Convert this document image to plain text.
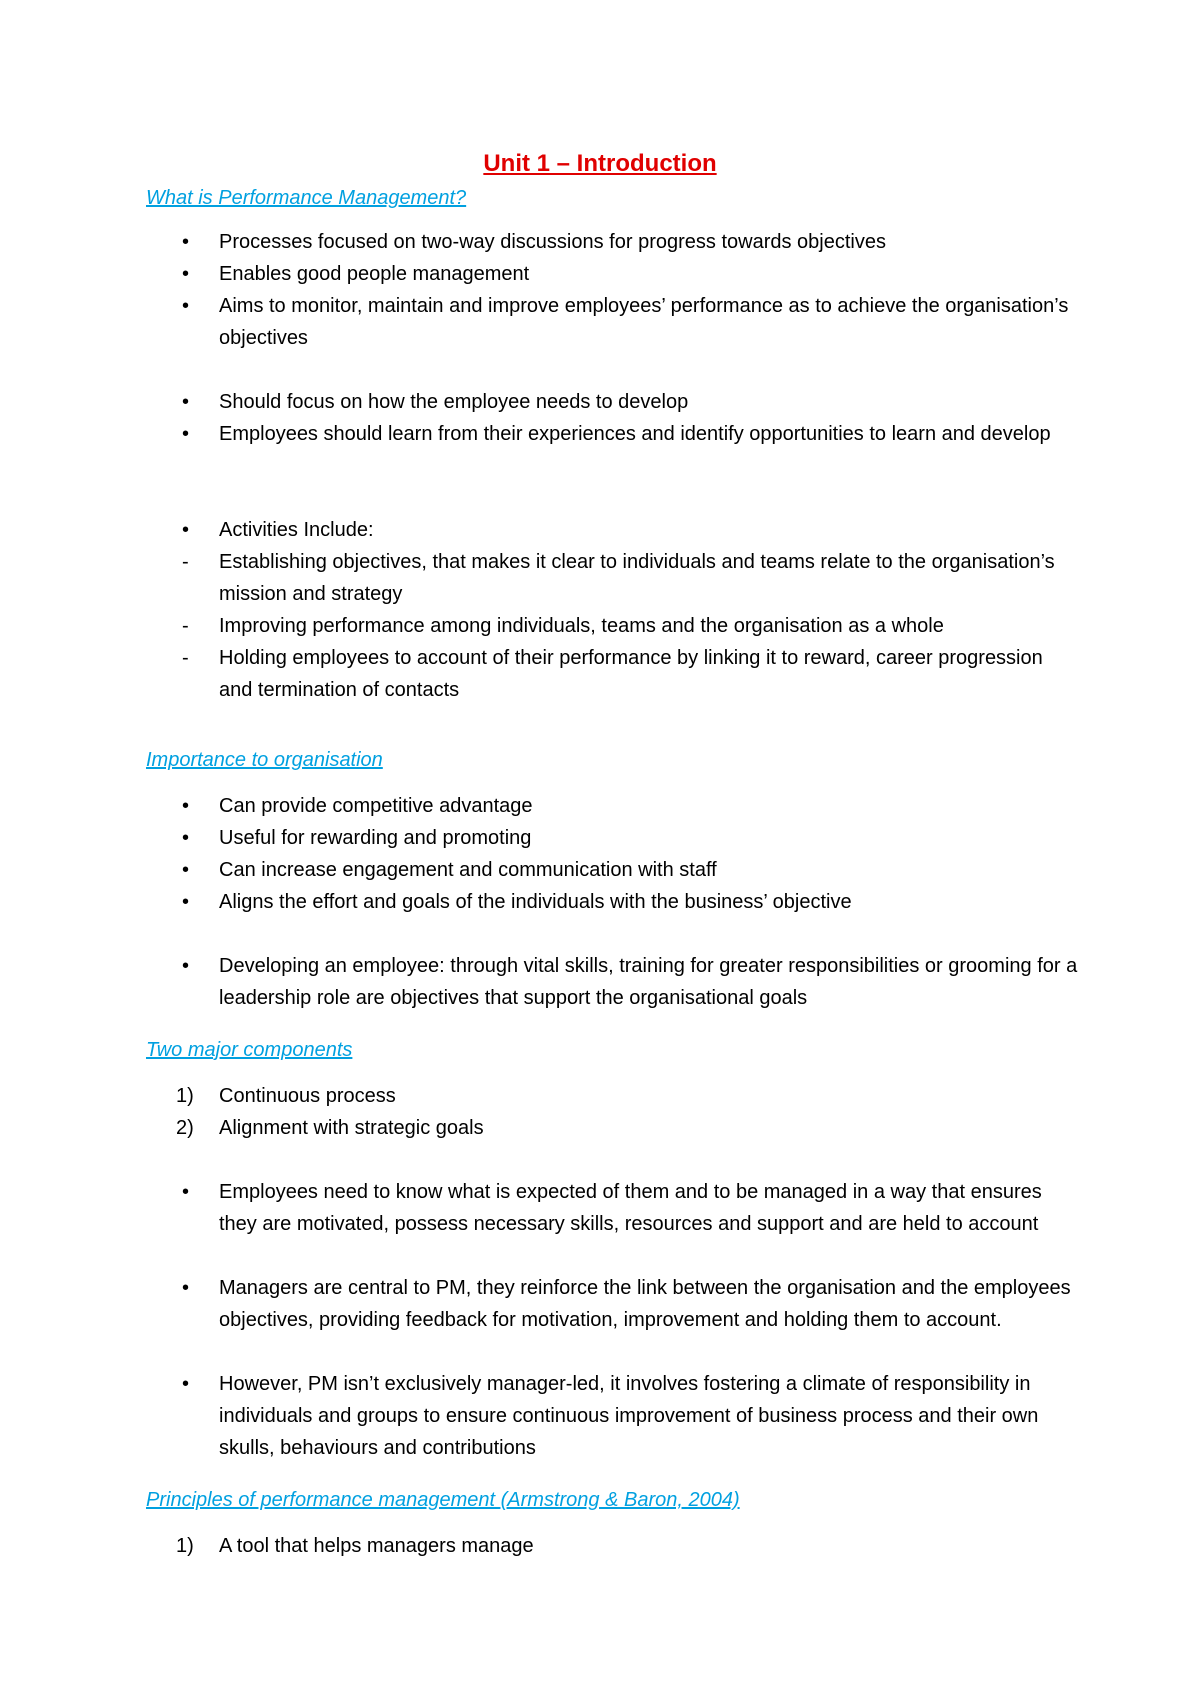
Unit 1 – Introduction
What is Performance Management?
• Processes focused on two-way discussions for progress towards objectives
• Enables good people management
• Aims to monitor, maintain and improve employees’ performance as to achieve the organisation’s objectives
• Should focus on how the employee needs to develop
• Employees should learn from their experiences and identify opportunities to learn and develop
• Activities Include:
- Establishing objectives, that makes it clear to individuals and teams relate to the organisation’s mission and strategy
- Improving performance among individuals, teams and the organisation as a whole
- Holding employees to account of their performance by linking it to reward, career progression and termination of contacts
Importance to organisation
• Can provide competitive advantage
• Useful for rewarding and promoting
• Can increase engagement and communication with staff
• Aligns the effort and goals of the individuals with the business’ objective
• Developing an employee: through vital skills, training for greater responsibilities or grooming for a leadership role are objectives that support the organisational goals
Two major components
1) Continuous process
2) Alignment with strategic goals
• Employees need to know what is expected of them and to be managed in a way that ensures they are motivated, possess necessary skills, resources and support and are held to account
• Managers are central to PM, they reinforce the link between the organisation and the employees objectives, providing feedback for motivation, improvement and holding them to account.
• However, PM isn’t exclusively manager-led, it involves fostering a climate of responsibility in individuals and groups to ensure continuous improvement of business process and their own skulls, behaviours and contributions
Principles of performance management (Armstrong & Baron, 2004)
1) A tool that helps managers manage
